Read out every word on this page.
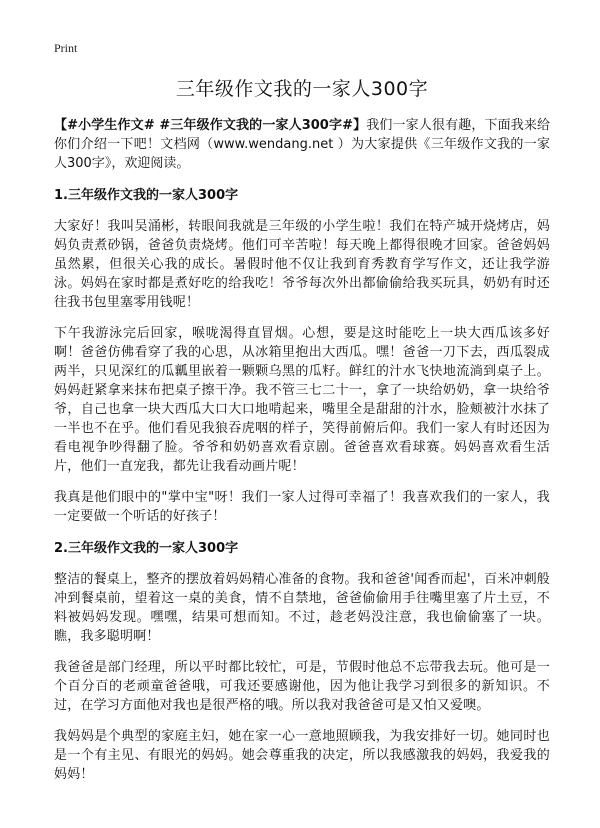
Print
三年级作文我的一家人300字

【#小学生作文# #三年级作文我的一家人300字#】我们一家人很有趣，下面我来给你们介绍一下吧！文档网（www.wendang.net ）为大家提供《三年级作文我的一家人300字》，欢迎阅读。

1.三年级作文我的一家人300字

大家好！我叫吴涌彬，转眼间我就是三年级的小学生啦！我们在特产城开烧烤店，妈妈负责煮砂锅，爸爸负责烧烤。他们可辛苦啦！每天晚上都得很晚才回家。爸爸妈妈虽然累，但很关心我的成长。暑假时他不仅让我到育秀教育学写作文，还让我学游泳。妈妈在家时都是煮好吃的给我吃！爷爷每次外出都偷偷给我买玩具，奶奶有时还往我书包里塞零用钱呢！

下午我游泳完后回家，喉咙渴得直冒烟。心想，要是这时能吃上一块大西瓜该多好啊！爸爸仿佛看穿了我的心思，从冰箱里抱出大西瓜。嘿！爸爸一刀下去，西瓜裂成两半，只见深红的瓜瓤里嵌着一颗颗乌黑的瓜籽。鲜红的汁水飞快地流淌到桌子上。妈妈赶紧拿来抹布把桌子擦干净。我不管三七二十一，拿了一块给奶奶，拿一块给爷爷，自己也拿一块大西瓜大口大口地啃起来，嘴里全是甜甜的汁水，脸颊被汁水抹了一半也不在乎。他们看见我狼吞虎咽的样子，笑得前俯后仰。我们一家人有时还因为看电视争吵得翻了脸。爷爷和奶奶喜欢看京剧。爸爸喜欢看球赛。妈妈喜欢看生活片，他们一直宠我，都先让我看动画片呢！

我真是他们眼中的"掌中宝"呀！我们一家人过得可幸福了！我喜欢我们的一家人，我一定要做一个听话的好孩子！

2.三年级作文我的一家人300字

整洁的餐桌上，整齐的摆放着妈妈精心准备的食物。我和爸爸'闻香而起'，百米冲刺般冲到餐桌前，望着这一桌的美食，情不自禁地，爸爸偷偷用手往嘴里塞了片土豆，不料被妈妈发现。嘿嘿，结果可想而知。不过，趁老妈没注意，我也偷偷塞了一块。瞧，我多聪明啊！

我爸爸是部门经理，所以平时都比较忙，可是，节假时他总不忘带我去玩。他可是一个百分百的老顽童爸爸哦，可我还要感谢他，因为他让我学习到很多的新知识。不过，在学习方面他对我也是很严格的哦。所以我对我爸爸可是又怕又爱噢。

我妈妈是个典型的家庭主妇，她在家一心一意地照顾我，为我安排好一切。她同时也是一个有主见、有眼光的妈妈。她会尊重我的决定，所以我感激我的妈妈，我爱我的妈妈！
